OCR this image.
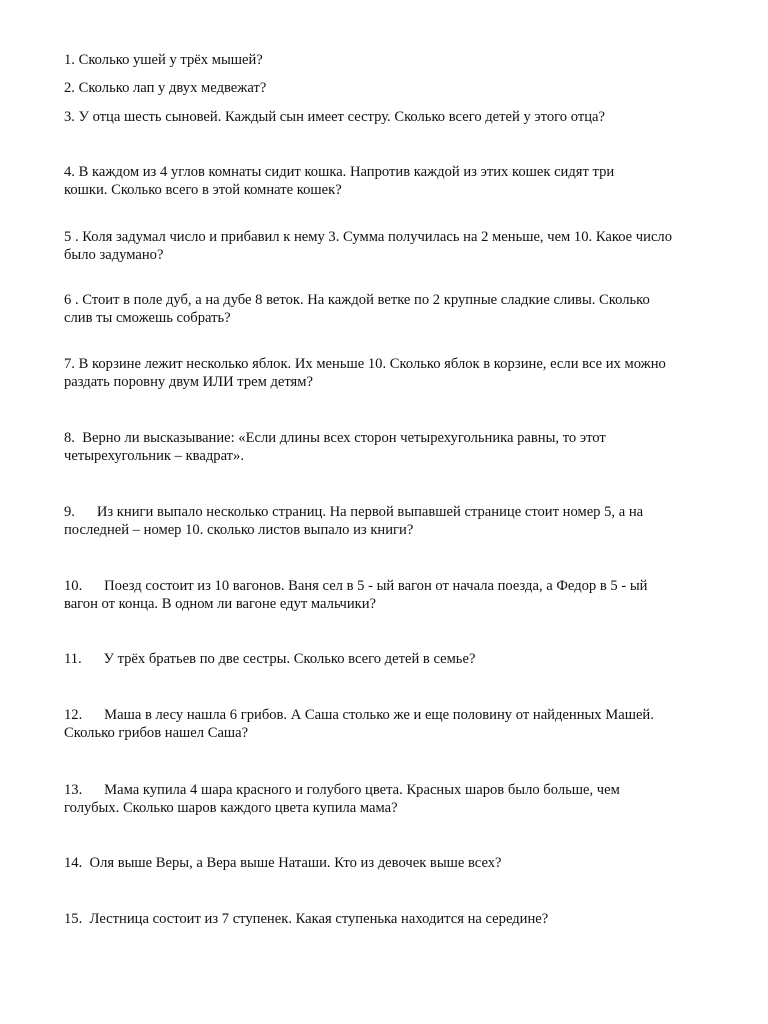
1. Сколько ушей у трёх мышей?

2. Сколько лап у двух медвежат?

3. У отца шесть сыновей. Каждый сын имеет сестру. Сколько всего детей у этого отца?

4. В каждом из 4 углов комнаты сидит кошка. Напротив каждой из этих кошек сидят три
кошки. Сколько всего в этой комнате кошек?

5 . Коля задумал число и прибавил к нему 3. Сумма получилась на 2 меньше, чем 10. Какое число
было задумано?

6 . Стоит в поле дуб, а на дубе 8 веток. На каждой ветке по 2 крупные сладкие сливы. Сколько
слив ты сможешь собрать?

7. В корзине лежит несколько яблок. Их меньше 10. Сколько яблок в корзине, если все их можно
раздать поровну двум ИЛИ трем детям?

8.  Верно ли высказывание: «Если длины всех сторон четырехугольника равны, то этот
четырехугольник – квадрат».

9.      Из книги выпало несколько страниц. На первой выпавшей странице стоит номер 5, а на
последней – номер 10. сколько листов выпало из книги?

10.      Поезд состоит из 10 вагонов. Ваня сел в 5 - ый вагон от начала поезда, а Федор в 5 - ый
вагон от конца. В одном ли вагоне едут мальчики?

11.      У трёх братьев по две сестры. Сколько всего детей в семье?

12.      Маша в лесу нашла 6 грибов. А Саша столько же и еще половину от найденных Машей.
Сколько грибов нашел Саша?

13.      Мама купила 4 шара красного и голубого цвета. Красных шаров было больше, чем
голубых. Сколько шаров каждого цвета купила мама?

14.  Оля выше Веры, а Вера выше Наташи. Кто из девочек выше всех?

15.  Лестница состоит из 7 ступенек. Какая ступенька находится на середине?
